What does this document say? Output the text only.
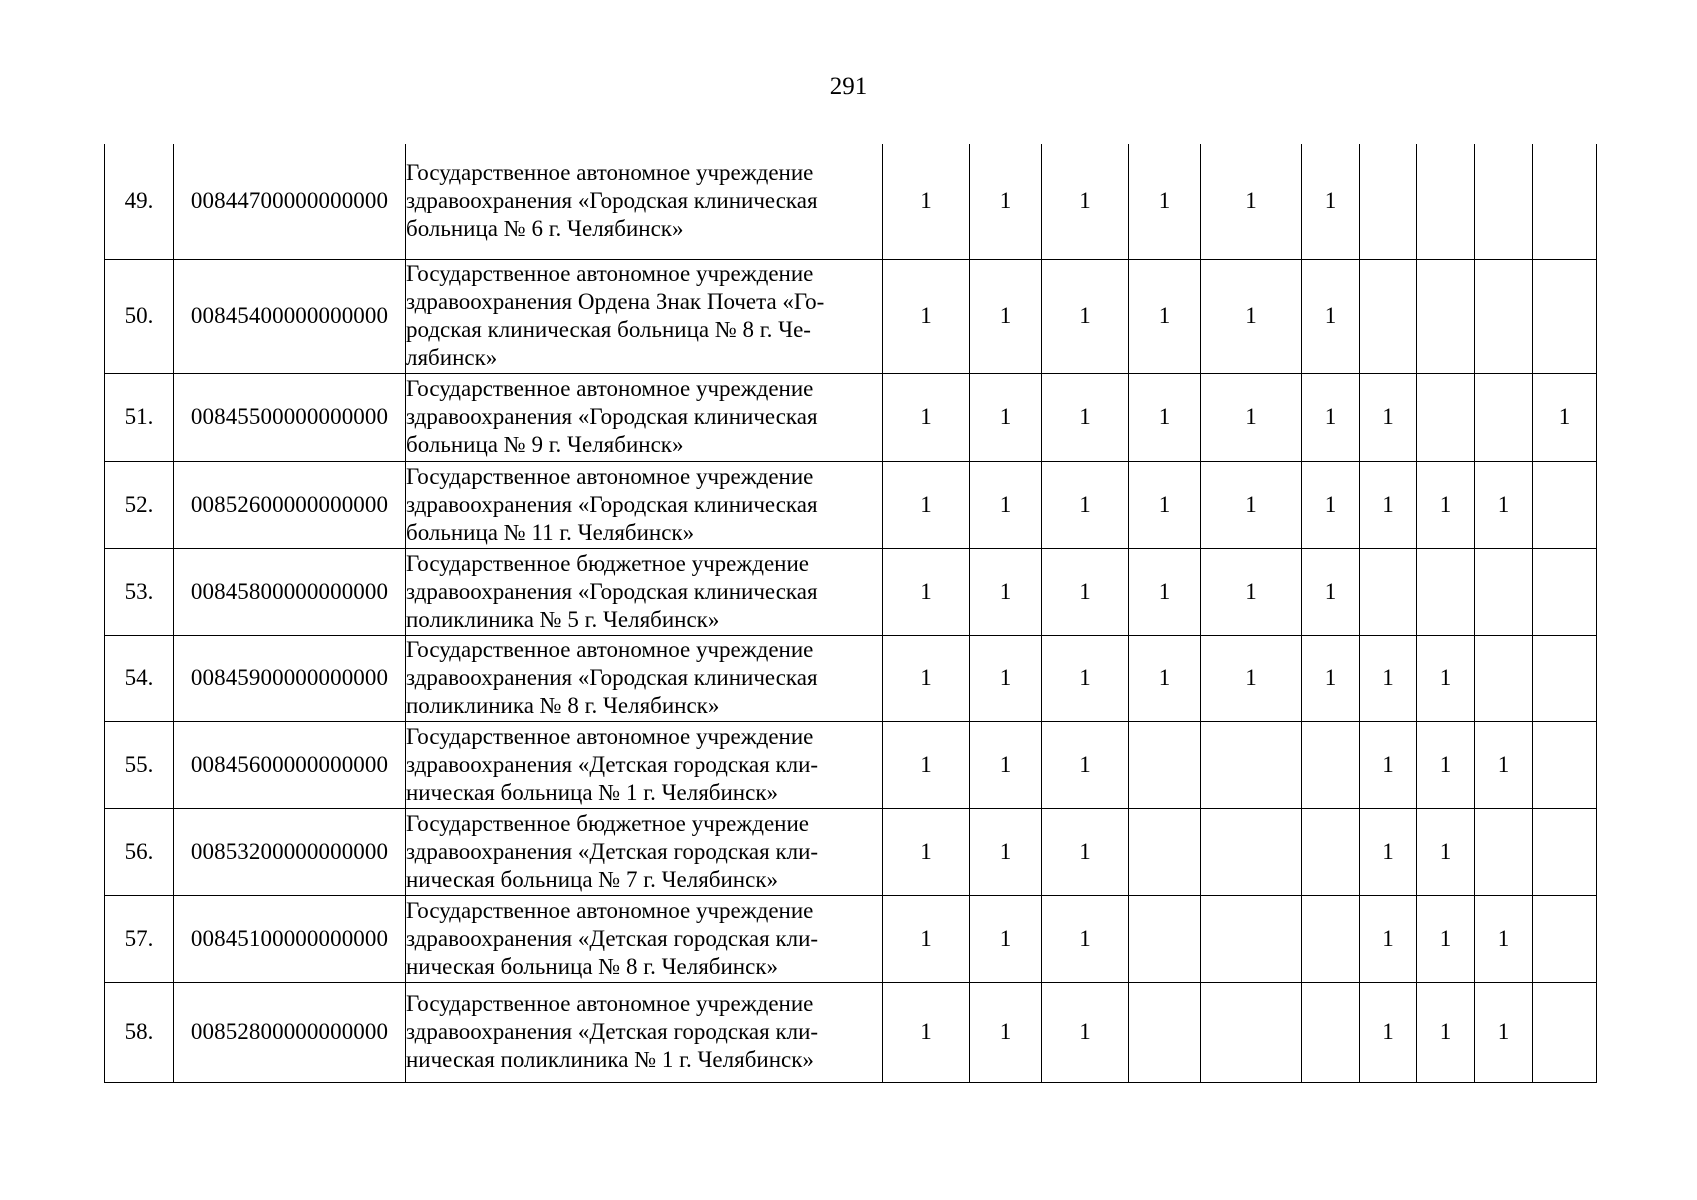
291
49.	00844700000000000	Государственное автономное учреждение
здравоохранения «Городская клиническая
больница № 6 г. Челябинск»	1	1	1	1	1	1				
50.	00845400000000000	Государственное автономное учреждение
здравоохранения Ордена Знак Почета «Го-
родская клиническая больница № 8 г. Че-
лябинск»	1	1	1	1	1	1				
51.	00845500000000000	Государственное автономное учреждение
здравоохранения «Городская клиническая
больница № 9 г. Челябинск»	1	1	1	1	1	1	1			1
52.	00852600000000000	Государственное автономное учреждение
здравоохранения «Городская клиническая
больница № 11 г. Челябинск»	1	1	1	1	1	1	1	1	1	
53.	00845800000000000	Государственное бюджетное учреждение
здравоохранения «Городская клиническая
поликлиника № 5 г. Челябинск»	1	1	1	1	1	1				
54.	00845900000000000	Государственное автономное учреждение
здравоохранения «Городская клиническая
поликлиника № 8 г. Челябинск»	1	1	1	1	1	1	1	1		
55.	00845600000000000	Государственное автономное учреждение
здравоохранения «Детская городская кли-
ническая больница № 1 г. Челябинск»	1	1	1				1	1	1	
56.	00853200000000000	Государственное бюджетное учреждение
здравоохранения «Детская городская кли-
ническая больница № 7 г. Челябинск»	1	1	1				1	1		
57.	00845100000000000	Государственное автономное учреждение
здравоохранения «Детская городская кли-
ническая больница № 8 г. Челябинск»	1	1	1				1	1	1	
58.	00852800000000000	Государственное автономное учреждение
здравоохранения «Детская городская кли-
ническая поликлиника № 1 г. Челябинск»	1	1	1				1	1	1	
